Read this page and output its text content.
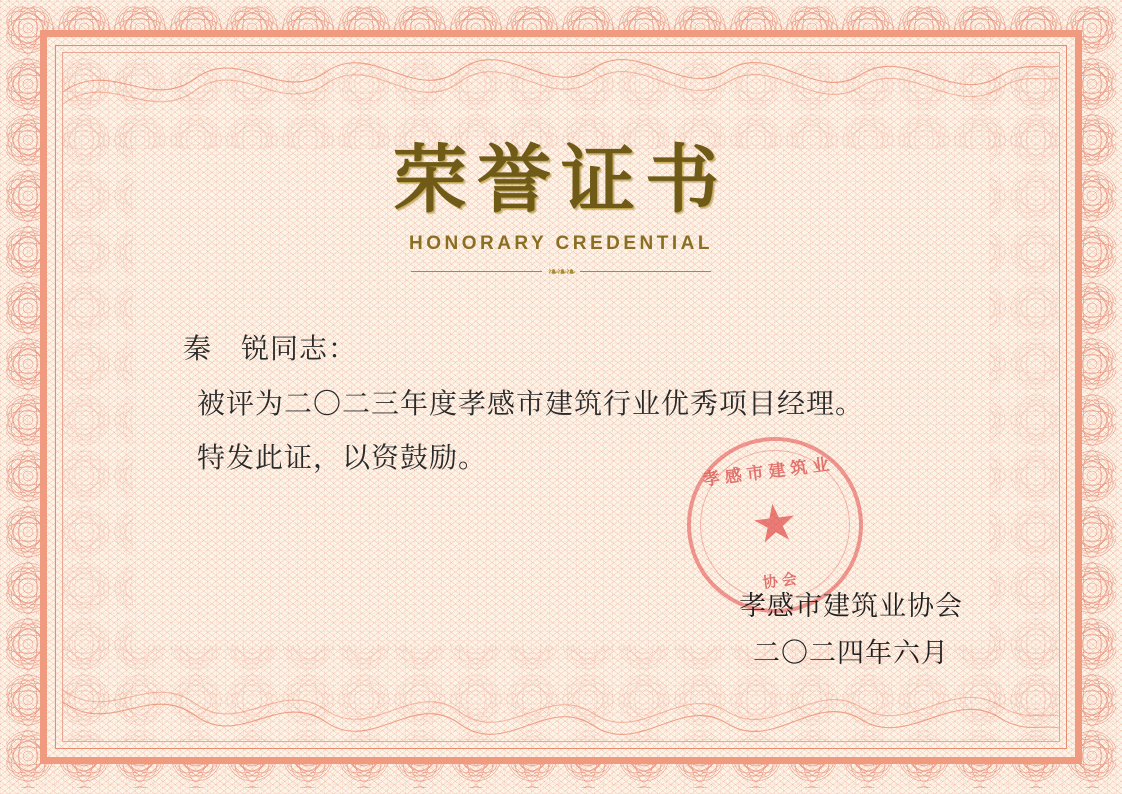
荣誉证书
HONORARY CREDENTIAL
❧❧❧
秦　锐同志：
被评为二〇二三年度孝感市建筑行业优秀项目经理。
特发此证，以资鼓励。	孝感市建筑业
★
协会
孝感市建筑业协会
二〇二四年六月
